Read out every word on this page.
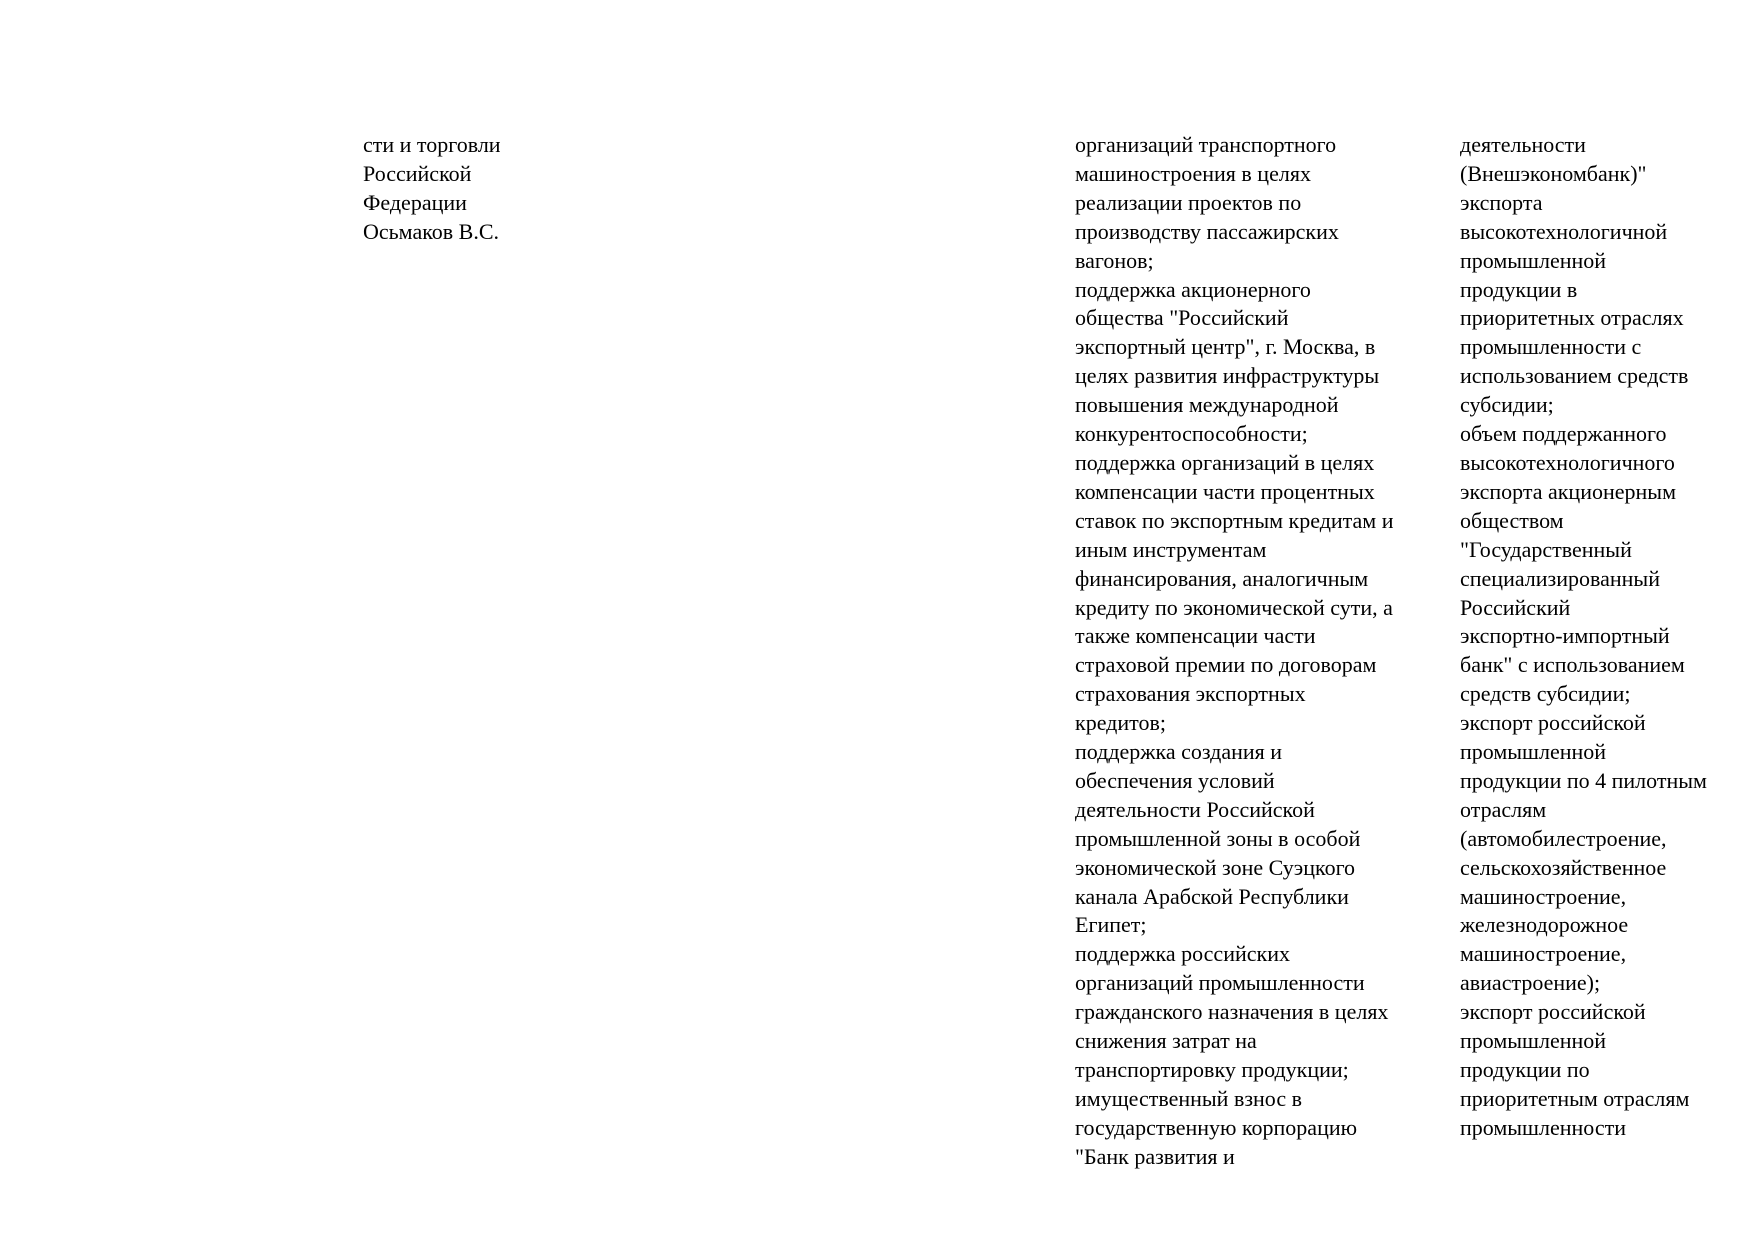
сти и торговли
Российской
Федерации
Осьмаков В.С.
организаций транспортного
машиностроения в целях
реализации проектов по
производству пассажирских
вагонов;
поддержка акционерного
общества "Российский
экспортный центр", г. Москва, в
целях развития инфраструктуры
повышения международной
конкурентоспособности;
поддержка организаций в целях
компенсации части процентных
ставок по экспортным кредитам и
иным инструментам
финансирования, аналогичным
кредиту по экономической сути, а
также компенсации части
страховой премии по договорам
страхования экспортных
кредитов;
поддержка создания и
обеспечения условий
деятельности Российской
промышленной зоны в особой
экономической зоне Суэцкого
канала Арабской Республики
Египет;
поддержка российских
организаций промышленности
гражданского назначения в целях
снижения затрат на
транспортировку продукции;
имущественный взнос в
государственную корпорацию
"Банк развития и
деятельности
(Внешэкономбанк)"
экспорта
высокотехнологичной
промышленной
продукции в
приоритетных отраслях
промышленности с
использованием средств
субсидии;
объем поддержанного
высокотехнологичного
экспорта акционерным
обществом
"Государственный
специализированный
Российский
экспортно-импортный
банк" с использованием
средств субсидии;
экспорт российской
промышленной
продукции по 4 пилотным
отраслям
(автомобилестроение,
сельскохозяйственное
машиностроение,
железнодорожное
машиностроение,
авиастроение);
экспорт российской
промышленной
продукции по
приоритетным отраслям
промышленности
